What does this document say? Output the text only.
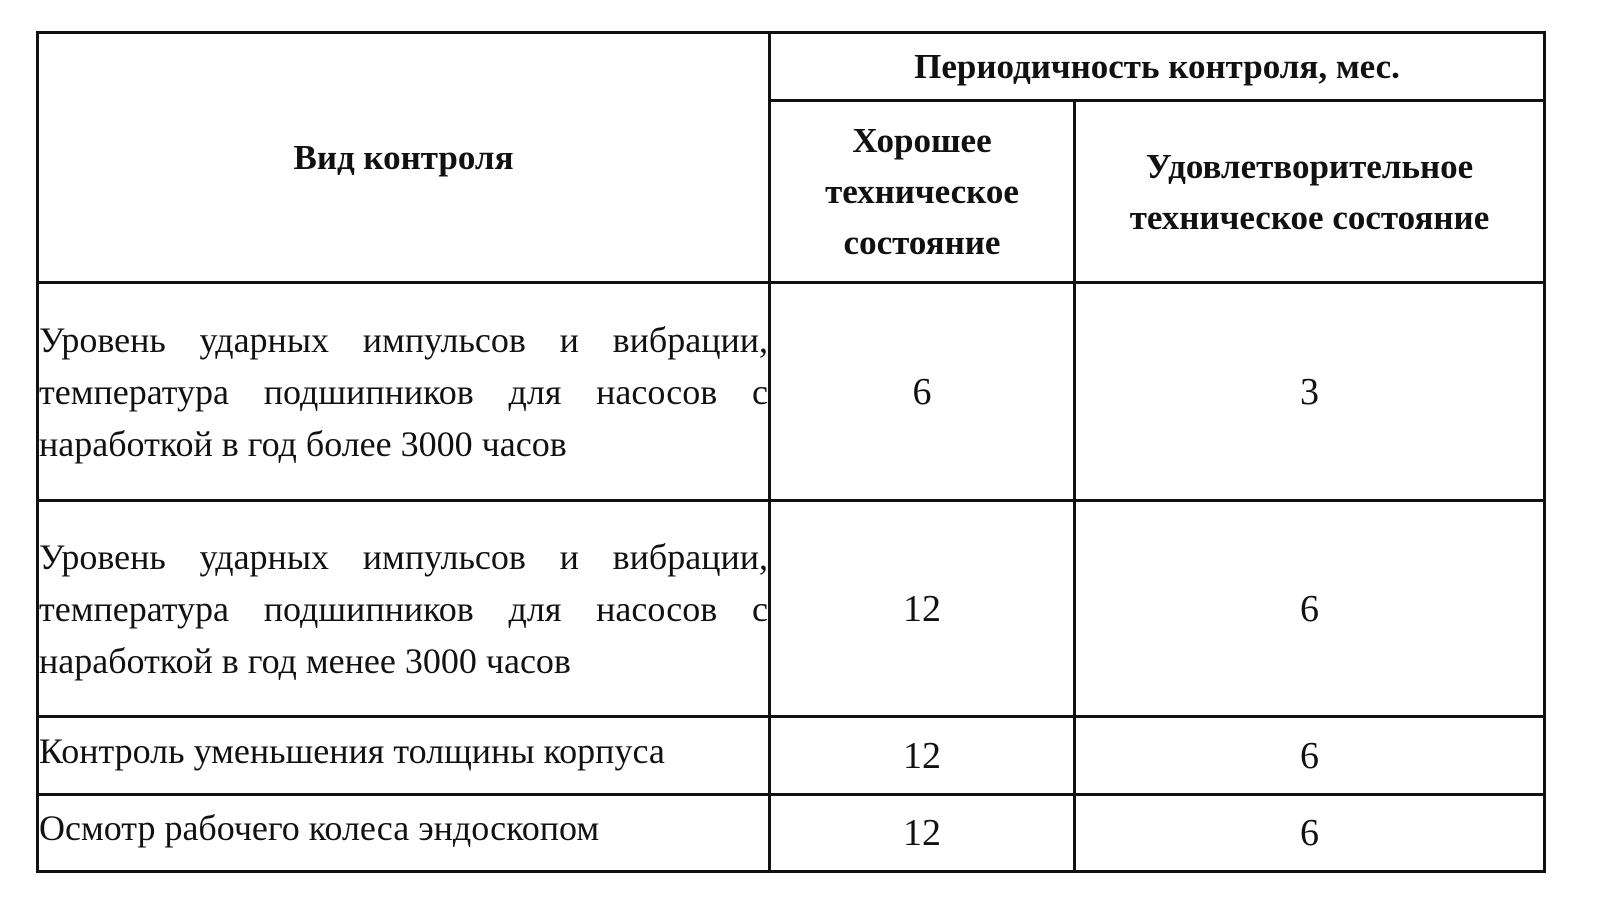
Вид контроля	Периодичность контроля, мес.	
	Хорошее техническое состояние	Удовлетворительное техническое состояние
Уровень ударных импульсов и вибрации, температура подшипников для насосов с наработкой в год более 3000 часов	6	3
Уровень ударных импульсов и вибрации, температура подшипников для насосов с наработкой в год менее 3000 часов	12	6
Контроль уменьшения толщины корпуса	12	6
Осмотр рабочего колеса эндоскопом	12	6
